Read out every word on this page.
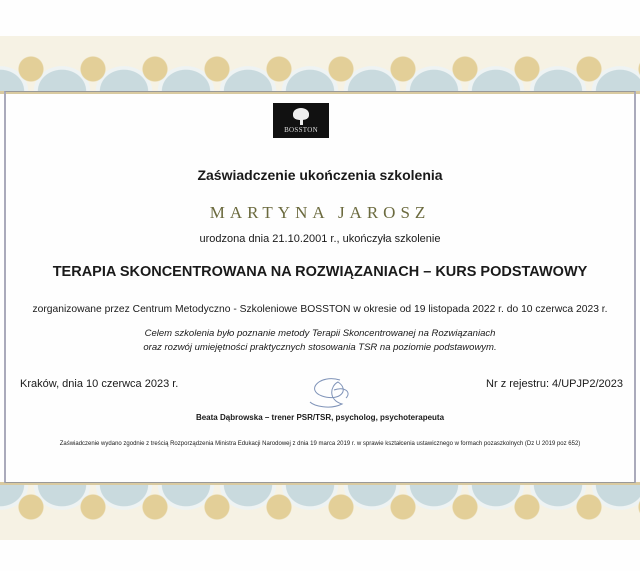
BOSSTON
Zaświadczenie ukończenia szkolenia
MARTYNA JAROSZ
urodzona dnia 21.10.2001 r., ukończyła szkolenie
TERAPIA SKONCENTROWANA NA ROZWIĄZANIACH – KURS PODSTAWOWY
zorganizowane przez Centrum Metodyczno - Szkoleniowe BOSSTON w okresie od 19 listopada 2022 r. do 10 czerwca 2023 r.
Celem szkolenia było poznanie metody Terapii Skoncentrowanej na Rozwiązaniach
oraz rozwój umiejętności praktycznych stosowania TSR na poziomie podstawowym.
Kraków, dnia 10 czerwca 2023 r.	Nr z rejestru: 4/UPJP2/2023
Beata Dąbrowska – trener PSR/TSR, psycholog, psychoterapeuta
Zaświadczenie wydano zgodnie z treścią Rozporządzenia Ministra Edukacji Narodowej z dnia 19 marca 2019 r. w sprawie kształcenia ustawicznego w formach pozaszkolnych (Dz U 2019 poz 652)
